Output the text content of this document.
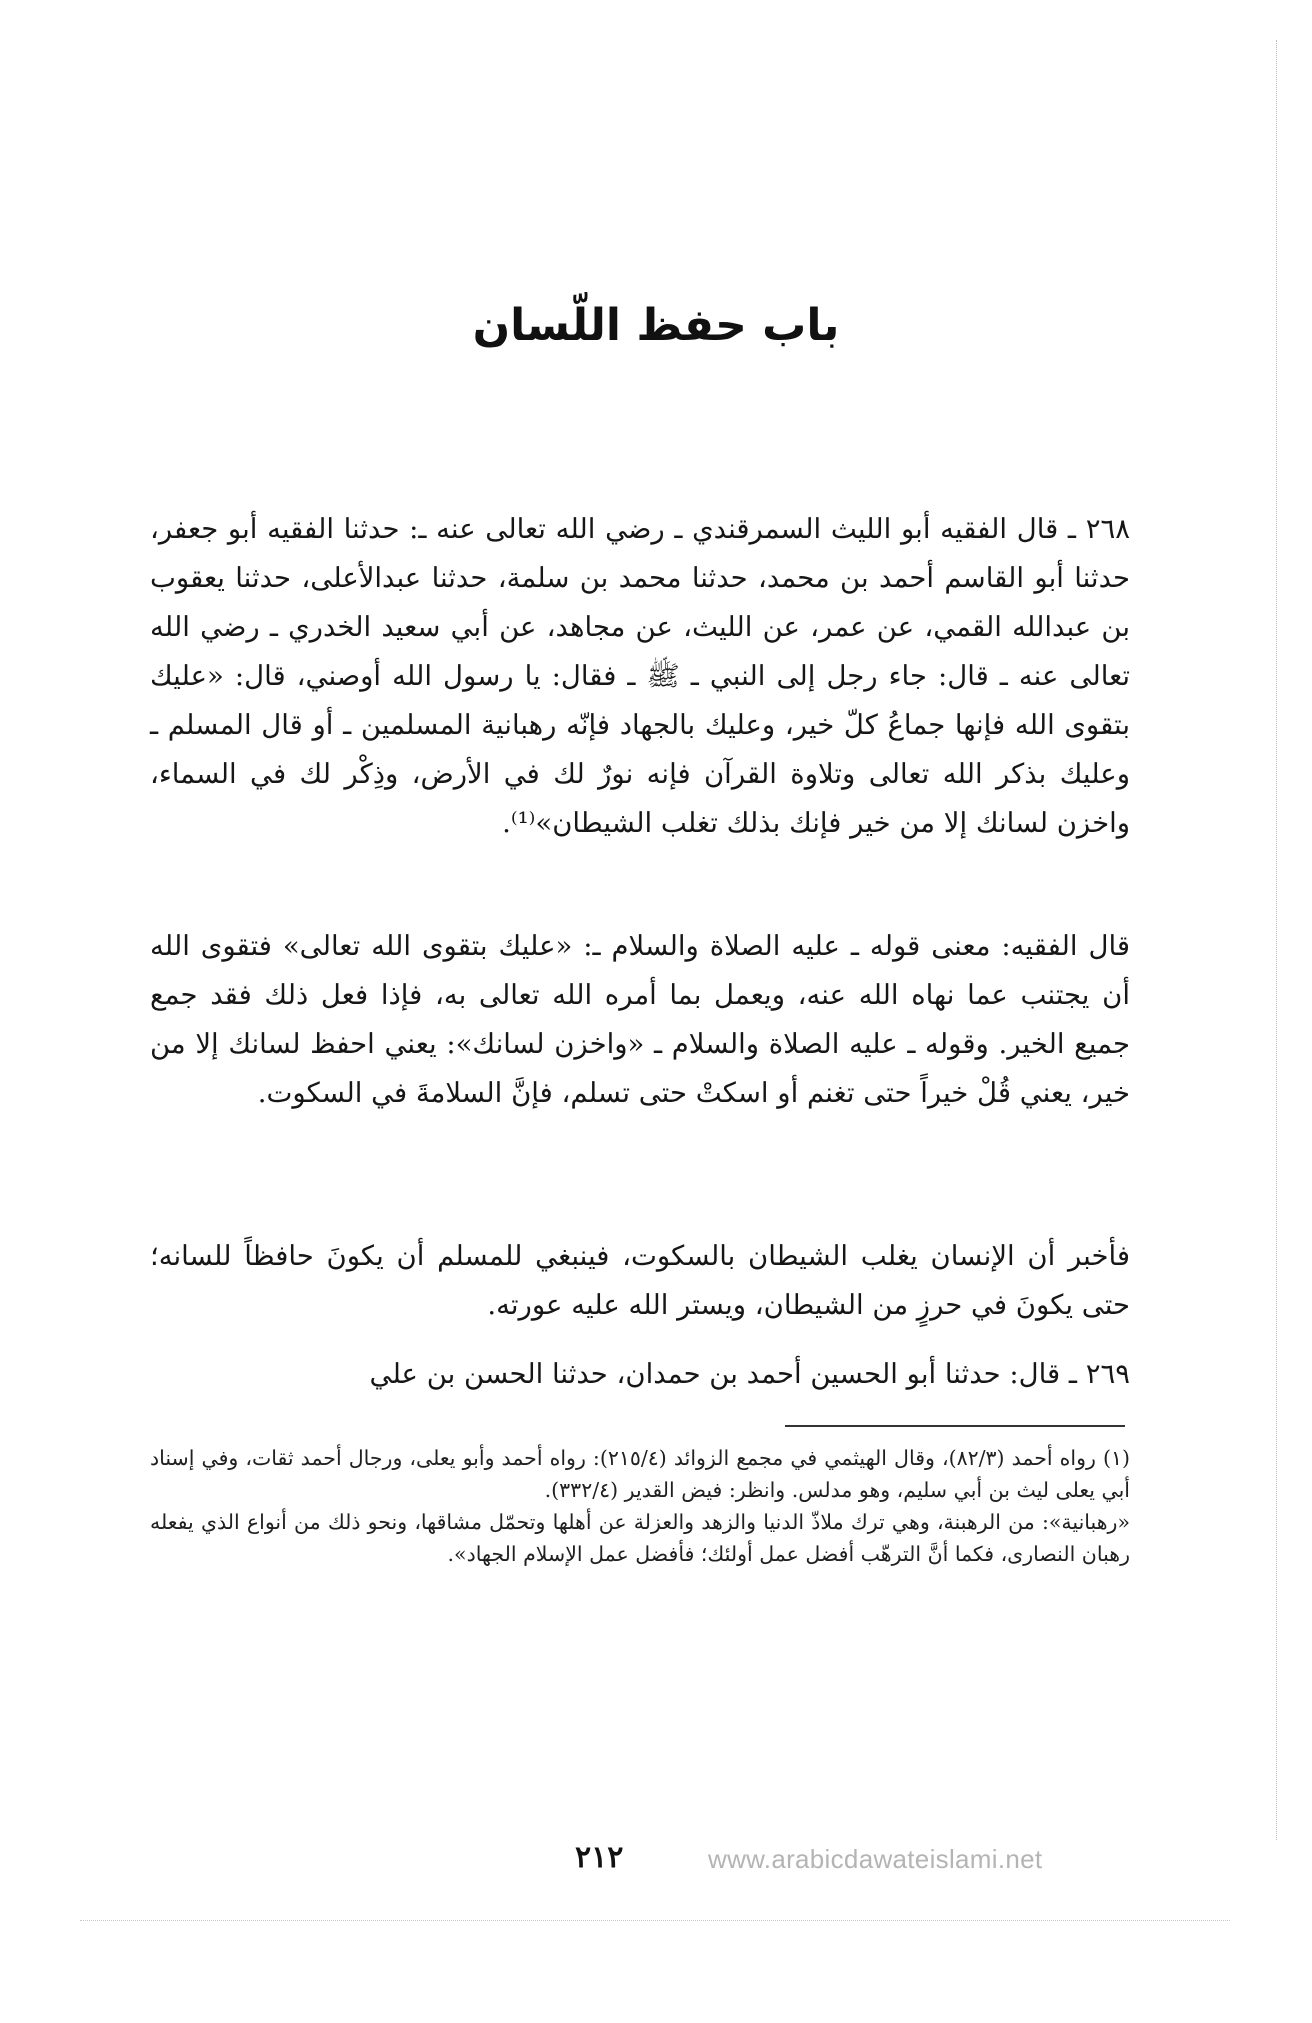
باب حفظ اللّسان

٢٦٨ ـ قال الفقيه أبو الليث السمرقندي ـ رضي الله تعالى عنه ـ: حدثنا الفقيه أبو جعفر، حدثنا أبو القاسم أحمد بن محمد، حدثنا محمد بن سلمة، حدثنا عبدالأعلى، حدثنا يعقوب بن عبدالله القمي، عن عمر، عن الليث، عن مجاهد، عن أبي سعيد الخدري ـ رضي الله تعالى عنه ـ قال: جاء رجل إلى النبي ـ ﷺ ـ فقال: يا رسول الله أوصني، قال: «عليك بتقوى الله فإنها جماعُ كلّ خير، وعليك بالجهاد فإنّه رهبانية المسلمين ـ أو قال المسلم ـ وعليك بذكر الله تعالى وتلاوة القرآن فإنه نورٌ لك في الأرض، وذِكْر لك في السماء، واخزن لسانك إلا من خير فإنك بذلك تغلب الشيطان»⁽¹⁾.

قال الفقيه: معنى قوله ـ عليه الصلاة والسلام ـ: «عليك بتقوى الله تعالى» فتقوى الله أن يجتنب عما نهاه الله عنه، ويعمل بما أمره الله تعالى به، فإذا فعل ذلك فقد جمع جميع الخير. وقوله ـ عليه الصلاة والسلام ـ «واخزن لسانك»: يعني احفظ لسانك إلا من خير، يعني قُلْ خيراً حتى تغنم أو اسكتْ حتى تسلم، فإنَّ السلامةَ في السكوت.

فأخبر أن الإنسان يغلب الشيطان بالسكوت، فينبغي للمسلم أن يكونَ حافظاً للسانه؛ حتى يكونَ في حرزٍ من الشيطان، ويستر الله عليه عورته.

٢٦٩ ـ قال: حدثنا أبو الحسين أحمد بن حمدان، حدثنا الحسن بن علي

(١) رواه أحمد (٨٢/٣)، وقال الهيثمي في مجمع الزوائد (٢١٥/٤): رواه أحمد وأبو يعلى، ورجال أحمد ثقات، وفي إسناد أبي يعلى ليث بن أبي سليم، وهو مدلس. وانظر: فيض القدير (٣٣٢/٤).

«رهبانية»: من الرهبنة، وهي ترك ملاذّ الدنيا والزهد والعزلة عن أهلها وتحمّل مشاقها، ونحو ذلك من أنواع الذي يفعله رهبان النصارى، فكما أنَّ الترهّب أفضل عمل أولئك؛ فأفضل عمل الإسلام الجهاد».

٢١٢	www.arabicdawateislami.net
